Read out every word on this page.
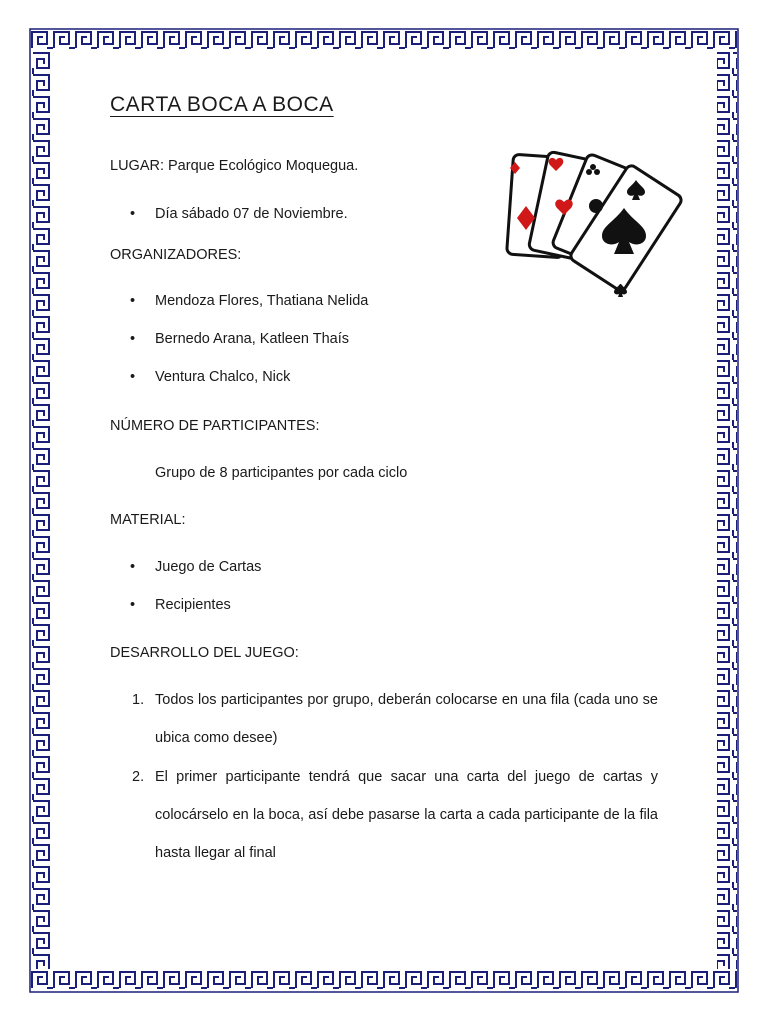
CARTA BOCA A BOCA
LUGAR: Parque Ecológico Moquegua.
• Día sábado 07 de Noviembre.
ORGANIZADORES:
• Mendoza Flores, Thatiana Nelida
• Bernedo Arana, Katleen Thaís
• Ventura Chalco, Nick
NÚMERO DE PARTICIPANTES:
Grupo de 8 participantes por cada ciclo
MATERIAL:
• Juego de Cartas
• Recipientes
DESARROLLO DEL JUEGO:
1. Todos los participantes por grupo, deberán colocarse en una fila (cada uno se ubica como desee)
2. El primer participante tendrá que sacar una carta del juego de cartas y colocárselo en la boca, así debe pasarse la carta a cada participante de la fila hasta llegar al final
